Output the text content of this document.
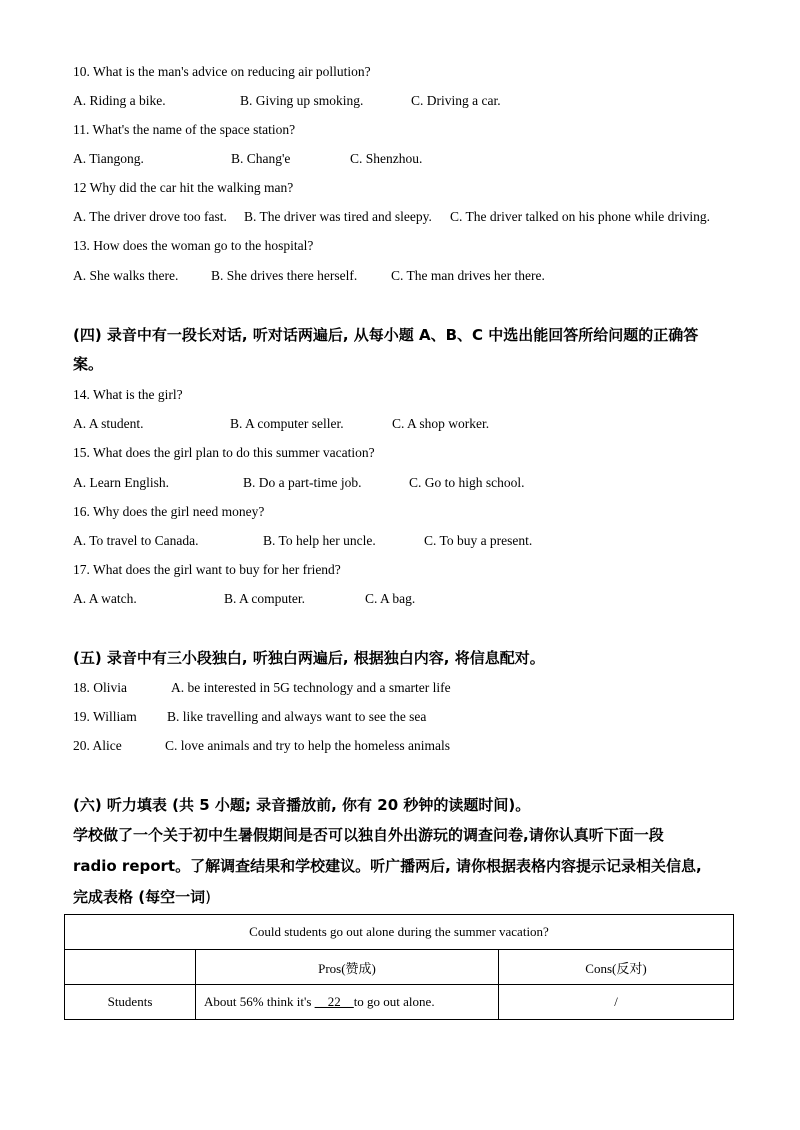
10. What is the man's advice on reducing air pollution?
A. Riding a bike.	B. Giving up smoking.	C. Driving a car.
11. What's the name of the space station?
A. Tiangong.	B. Chang'e	C. Shenzhou.
12 Why did the car hit the walking man?
A. The driver drove too fast. B. The driver was tired and sleepy. C. The driver talked on his phone while driving.
13. How does the woman go to the hospital?
A. She walks there. B. She drives there herself.	C. The man drives her there.
(四) 录音中有一段长对话, 听对话两遍后, 从每小题 A、B、C 中选出能回答所给问题的正确答
案。
14. What is the girl?
A. A student.	B. A computer seller.	C. A shop worker.
15. What does the girl plan to do this summer vacation?
A. Learn English.	B. Do a part-time job.	C. Go to high school.
16. Why does the girl need money?
A. To travel to Canada.	B. To help her uncle.	C. To buy a present.
17. What does the girl want to buy for her friend?
A. A watch.	B. A computer.	C. A bag.
(五) 录音中有三小段独白, 听独白两遍后, 根据独白内容, 将信息配对。
18. Olivia	A. be interested in 5G technology and a smarter life
19. William B. like travelling and always want to see the sea
20. Alice	C. love animals and try to help the homeless animals
(六) 听力填表 (共 5 小题; 录音播放前, 你有 20 秒钟的读题时间)。
学校做了一个关于初中生暑假期间是否可以独自外出游玩的调查问卷,请你认真听下面一段
radio report。了解调查结果和学校建议。听广播两后, 请你根据表格内容提示记录相关信息,
完成表格 (每空一词)
Could students go out alone during the summer vacation?		
	Pros(赞成)	Cons(反对)
Students	About 56% think it's __22__to go out alone.	/
